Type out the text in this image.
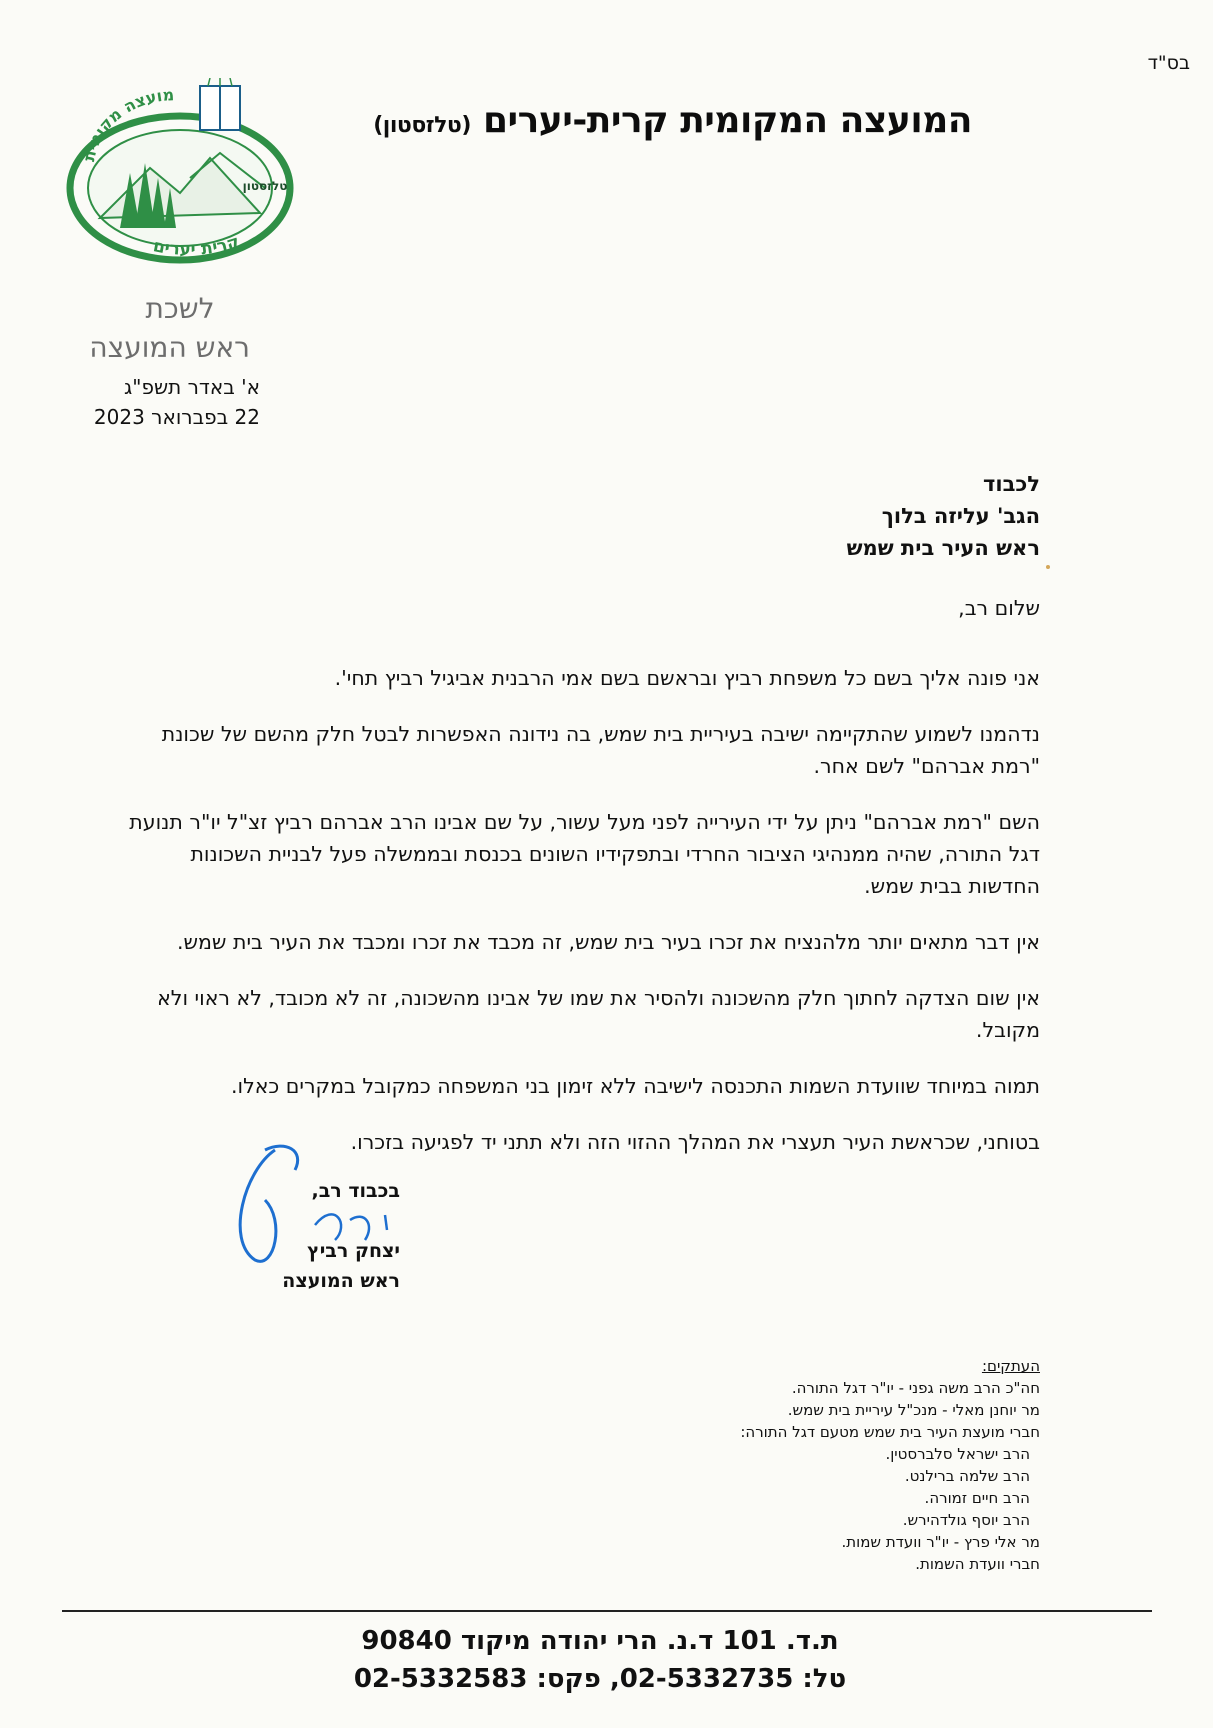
בס"ד
מועצה מקומית
קרית יערים
טלזסטון
המועצה המקומית קרית-יערים (טלזסטון)
לשכת
ראש המועצה
א' באדר תשפ"ג
22 בפברואר 2023
לכבוד
הגב' עליזה בלוך
ראש העיר בית שמש

שלום רב,

אני פונה אליך בשם כל משפחת רביץ ובראשם בשם אמי הרבנית אביגיל רביץ תחי'.

נדהמנו לשמוע שהתקיימה ישיבה בעיריית בית שמש, בה נידונה האפשרות לבטל חלק מהשם של שכונת "רמת אברהם" לשם אחר.

השם "רמת אברהם" ניתן על ידי העירייה לפני מעל עשור, על שם אבינו הרב אברהם רביץ זצ"ל יו"ר תנועת דגל התורה, שהיה ממנהיגי הציבור החרדי ובתפקידיו השונים בכנסת ובממשלה פעל לבניית השכונות החדשות בבית שמש.

אין דבר מתאים יותר מלהנציח את זכרו בעיר בית שמש, זה מכבד את זכרו ומכבד את העיר בית שמש.

אין שום הצדקה לחתוך חלק מהשכונה ולהסיר את שמו של אבינו מהשכונה, זה לא מכובד, לא ראוי ולא מקובל.

תמוה במיוחד שוועדת השמות התכנסה לישיבה ללא זימון בני המשפחה כמקובל במקרים כאלו.

בטוחני, שכראשת העיר תעצרי את המהלך ההזוי הזה ולא תתני יד לפגיעה בזכרו.

בכבוד רב,
יצחק רביץ
ראש המועצה
העתקים:
חה"כ הרב משה גפני - יו"ר דגל התורה.
מר יוחנן מאלי - מנכ"ל עיריית בית שמש.
חברי מועצת העיר בית שמש מטעם דגל התורה:
הרב ישראל סלברסטין.
הרב שלמה ברילנט.
הרב חיים זמורה.
הרב יוסף גולדהירש.
מר אלי פרץ - יו"ר וועדת שמות.
חברי וועדת השמות.
ת.ד. 101 ד.נ. הרי יהודה מיקוד 90840
טל: 02-5332735, פקס: 02-5332583
